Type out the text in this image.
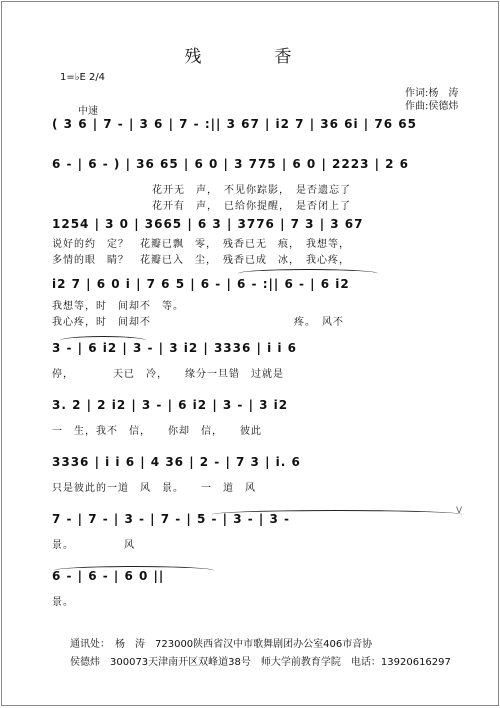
残　香
1=♭E 2/4
作词:杨　涛
作曲:侯德炜
中速
( 3 6 | 7 - | 3 6 | 7 - :|| 3 67 | i2 7 | 36 6i | 76 65
6 - | 6 - ) | 36 65 | 6 0 | 3 775 | 6 0 | 2223 | 2 6
花开无　声，　不见你踪影，　是否遗忘了
花开有　声，　已给你提醒，　是否闭上了
1254 | 3 0 | 3665 | 6 3 | 3776 | 7 3 | 3 67
说好的约　定？　花瓣已飘　零，　残香已无　痕，　我想等，
多情的眼　睛？　花瓣已入　尘，　残香已成　冰，　我心疼，
i2 7 | 6 0 i | 7 6 5 | 6 - | 6 - :|| 6 - | 6 i2
我想等，时　间却不　等。
我心疼，时　间却不　　　　　　　　　　　　　疼。　风不
3 - | 6 i2 | 3 - | 3 i2 | 3336 | i i 6
停，　　　　天已　冷，　　缘分一旦错　过就是
3. 2 | 2 i2 | 3 - | 6 i2 | 3 - | 3 i2
一　生，我不　信，　　你却　信，　　彼此
3336 | i i 6 | 4 36 | 2 - | 7 3 | i. 6
只是彼此的一道　风　景。　　一　道　风
7 - | 7 - | 3 - | 7 - | 5 - | 3 - | 3 -
景。　　　　　风
6 - | 6 - | 6 0 ||
景。
V
通讯处：　杨　涛　723000陕西省汉中市歌舞剧团办公室406市音协
侯德炜　300073天津南开区双峰道38号　师大学前教育学院　电话：13920616297
